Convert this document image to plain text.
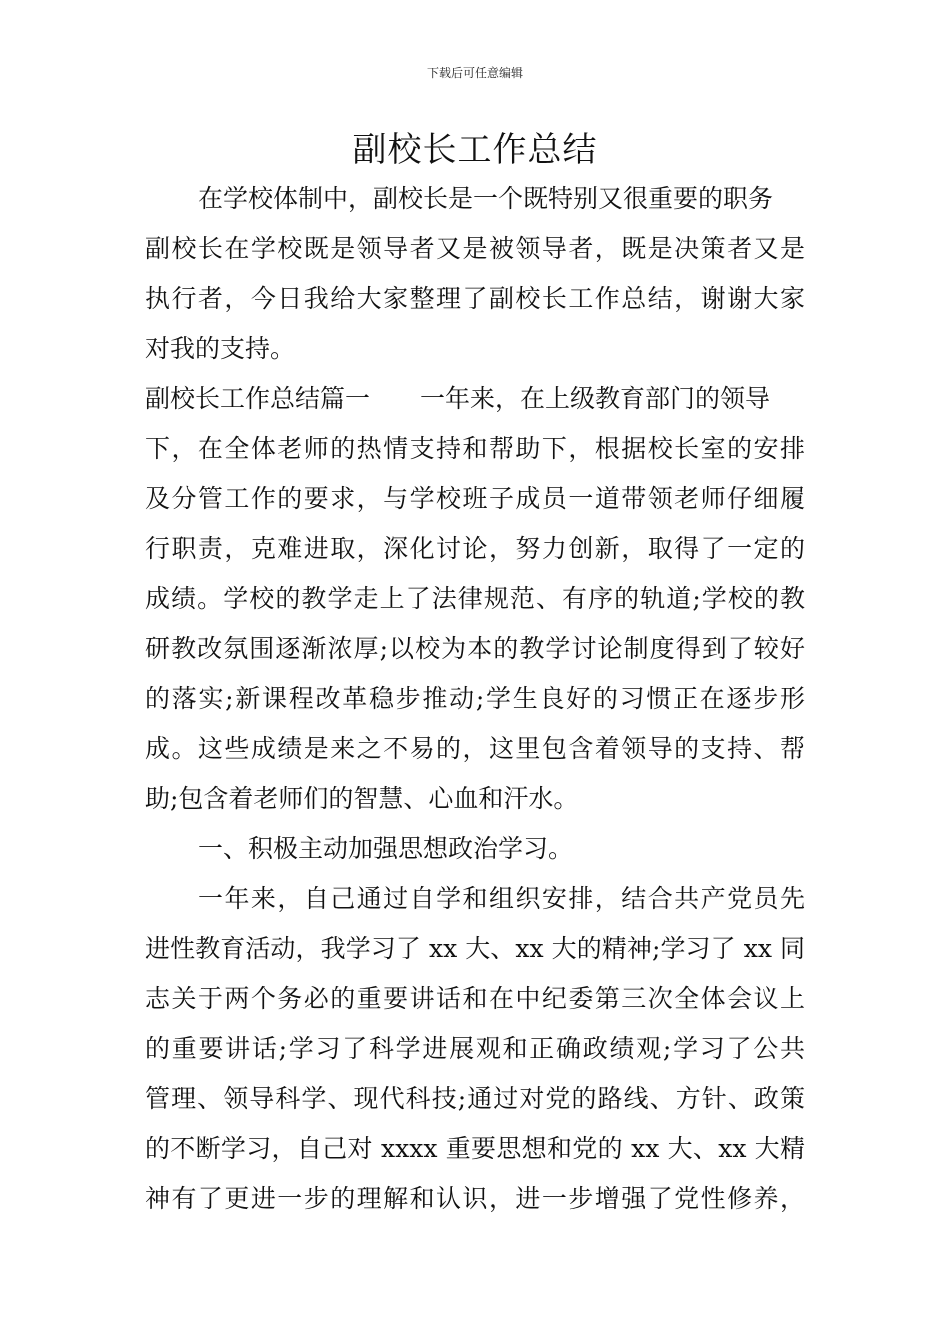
下载后可任意编辑
副校长工作总结
在学校体制中，副校长是一个既特别又很重要的职务
副校长在学校既是领导者又是被领导者，既是决策者又是
执行者，今日我给大家整理了副校长工作总结，谢谢大家
对我的支持。
副校长工作总结篇一　　一年来，在上级教育部门的领导
下，在全体老师的热情支持和帮助下，根据校长室的安排
及分管工作的要求，与学校班子成员一道带领老师仔细履
行职责，克难进取，深化讨论，努力创新，取得了一定的
成绩。学校的教学走上了法律规范、有序的轨道;学校的教
研教改氛围逐渐浓厚;以校为本的教学讨论制度得到了较好
的落实;新课程改革稳步推动;学生良好的习惯正在逐步形
成。这些成绩是来之不易的，这里包含着领导的支持、帮
助;包含着老师们的智慧、心血和汗水。
一、积极主动加强思想政治学习。
一年来，自己通过自学和组织安排，结合共产党员先
进性教育活动，我学习了 xx 大、xx 大的精神;学习了 xx 同
志关于两个务必的重要讲话和在中纪委第三次全体会议上
的重要讲话;学习了科学进展观和正确政绩观;学习了公共
管理、领导科学、现代科技;通过对党的路线、方针、政策
的不断学习，自己对 xxxx 重要思想和党的 xx 大、xx 大精
神有了更进一步的理解和认识，进一步增强了党性修养，
